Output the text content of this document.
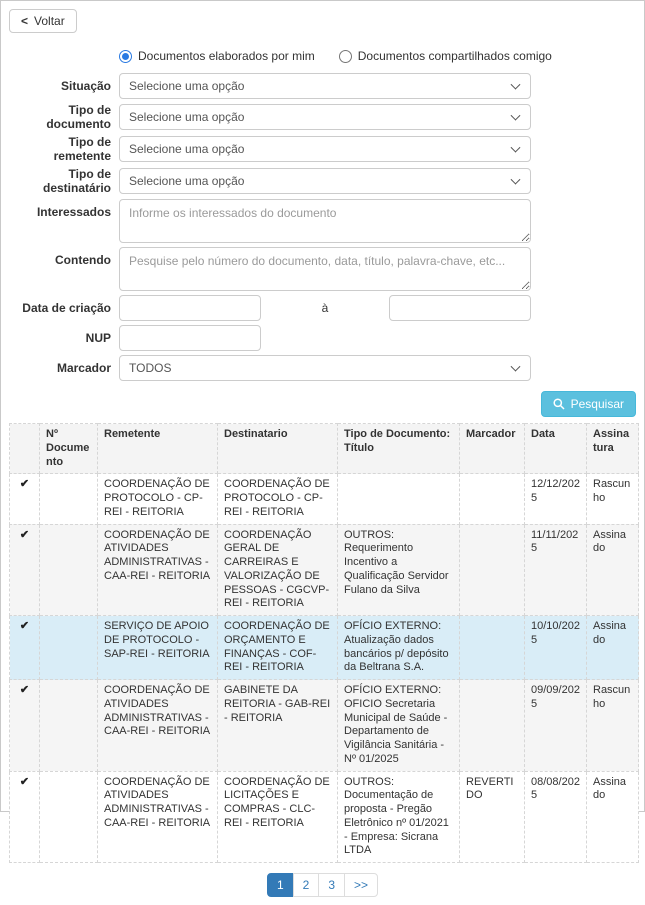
<
Voltar
Documentos elaborados por mim	Documentos compartilhados comigo
Situação Selecione uma opção
Tipo de documento Selecione uma opção
Tipo de remetente Selecione uma opção
Tipo de destinatário Selecione uma opção
Interessados
Informe os interessados do documento
Contendo
Pesquise pelo número do documento, data, título, palavra-chave, etc...
Data de criação	à
NUP
Marcador TODOS
Pesquisar
	Nº Documento	Remetente	Destinatario	Tipo de Documento: Título	Marcador	Data	Assinatura
✔		COORDENAÇÃO DE PROTOCOLO - CP-REI - REITORIA	COORDENAÇÃO DE PROTOCOLO - CP-REI - REITORIA			12/12/2025	Rascunho
✔		COORDENAÇÃO DE ATIVIDADES ADMINISTRATIVAS - CAA-REI - REITORIA	COORDENAÇÃO GERAL DE CARREIRAS E VALORIZAÇÃO DE PESSOAS - CGCVP-REI - REITORIA	OUTROS: Requerimento Incentivo a Qualificação Servidor Fulano da Silva		11/11/2025	Assinado
✔		SERVIÇO DE APOIO DE PROTOCOLO - SAP-REI - REITORIA	COORDENAÇÃO DE ORÇAMENTO E FINANÇAS - COF-REI - REITORIA	OFÍCIO EXTERNO: Atualização dados bancários p/ depósito da Beltrana S.A.		10/10/2025	Assinado
✔		COORDENAÇÃO DE ATIVIDADES ADMINISTRATIVAS - CAA-REI - REITORIA	GABINETE DA REITORIA - GAB-REI - REITORIA	OFÍCIO EXTERNO: OFICIO Secretaria Municipal de Saúde - Departamento de Vigilância Sanitária - Nº 01/2025		09/09/2025	Rascunho
✔		COORDENAÇÃO DE ATIVIDADES ADMINISTRATIVAS - CAA-REI - REITORIA	COORDENAÇÃO DE LICITAÇÕES E COMPRAS - CLC-REI - REITORIA	OUTROS: Documentação de proposta - Pregão Eletrônico nº 01/2021 - Empresa: Sicrana LTDA	REVERTIDO	08/08/2025	Assinado
1	2	3	>>
